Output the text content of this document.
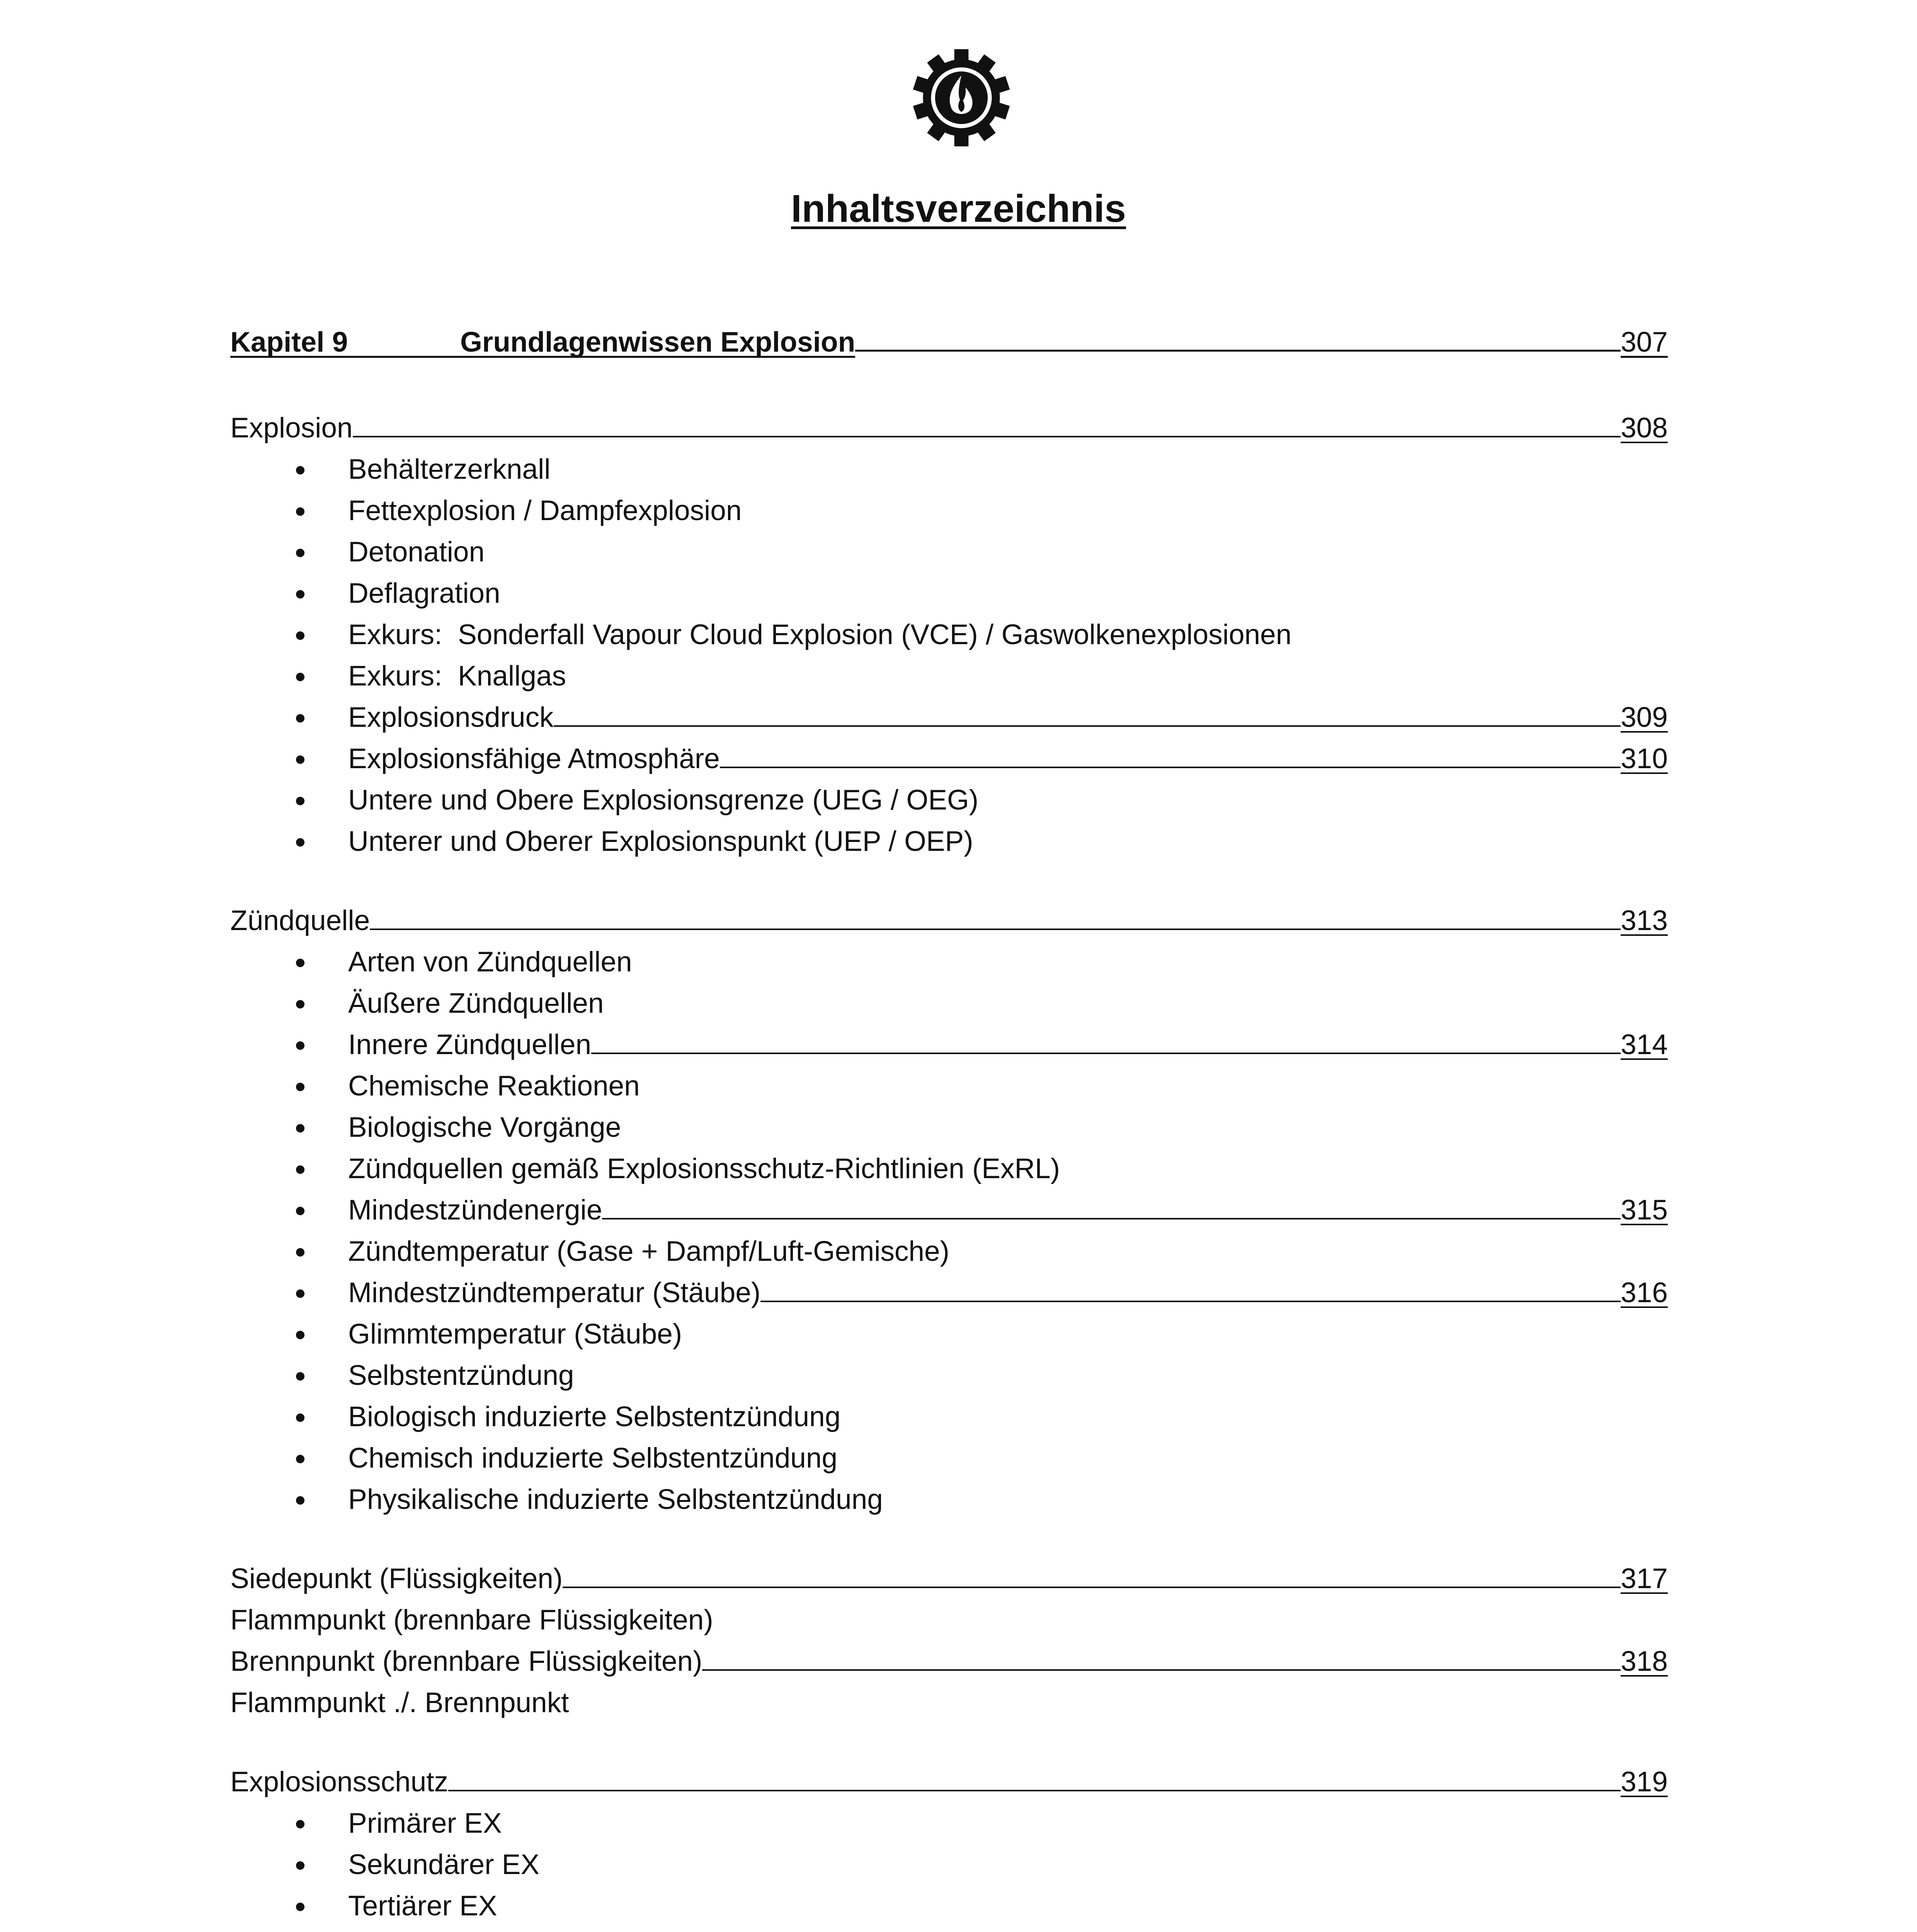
Inhaltsverzeichnis
Kapitel 9	Grundlagenwissen Explosion	307
Explosion	308
Behälterzerknall
Fettexplosion / Dampfexplosion
Detonation
Deflagration
Exkurs: Sonderfall Vapour Cloud Explosion (VCE) / Gaswolkenexplosionen
Exkurs: Knallgas
Explosionsdruck	309
Explosionsfähige Atmosphäre	310
Untere und Obere Explosionsgrenze (UEG / OEG)
Unterer und Oberer Explosionspunkt (UEP / OEP)
Zündquelle	313
Arten von Zündquellen
Äußere Zündquellen
Innere Zündquellen	314
Chemische Reaktionen
Biologische Vorgänge
Zündquellen gemäß Explosionsschutz-Richtlinien (ExRL)
Mindestzündenergie	315
Zündtemperatur (Gase + Dampf/Luft-Gemische)
Mindestzündtemperatur (Stäube)	316
Glimmtemperatur (Stäube)
Selbstentzündung
Biologisch induzierte Selbstentzündung
Chemisch induzierte Selbstentzündung
Physikalische induzierte Selbstentzündung
Siedepunkt (Flüssigkeiten)	317
Flammpunkt (brennbare Flüssigkeiten)
Brennpunkt (brennbare Flüssigkeiten)	318
Flammpunkt ./. Brennpunkt
Explosionsschutz	319
Primärer EX
Sekundärer EX
Tertiärer EX
